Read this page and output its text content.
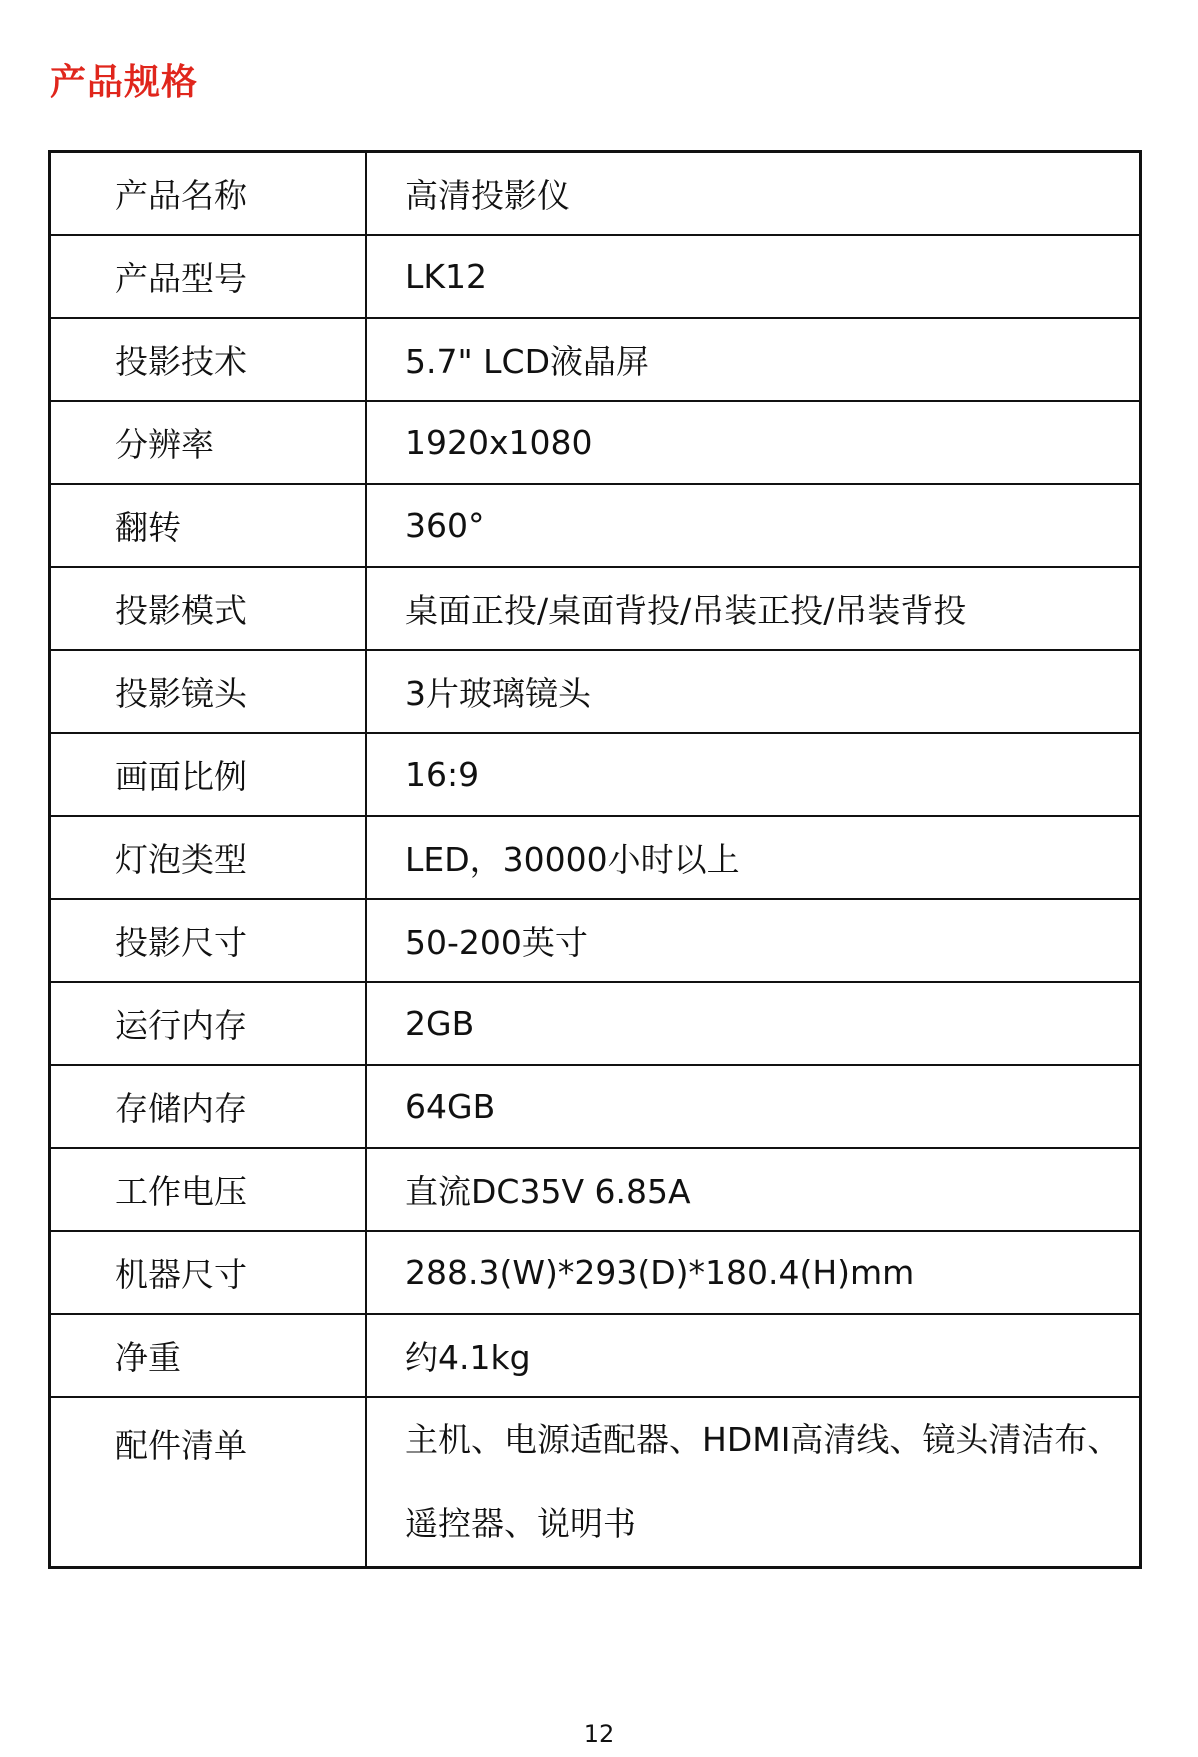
产品规格
产品名称	高清投影仪
产品型号	LK12
投影技术	5.7" LCD液晶屏
分辨率	1920x1080
翻转	360°
投影模式	桌面正投/桌面背投/吊装正投/吊装背投
投影镜头	3片玻璃镜头
画面比例	16:9
灯泡类型	LED，30000小时以上
投影尺寸	50-200英寸
运行内存	2GB
存储内存	64GB
工作电压	直流DC35V 6.85A
机器尺寸	288.3(W)*293(D)*180.4(H)mm
净重	约4.1kg
配件清单	主机、电源适配器、HDMI高清线、镜头清洁布、
遥控器、说明书
12
